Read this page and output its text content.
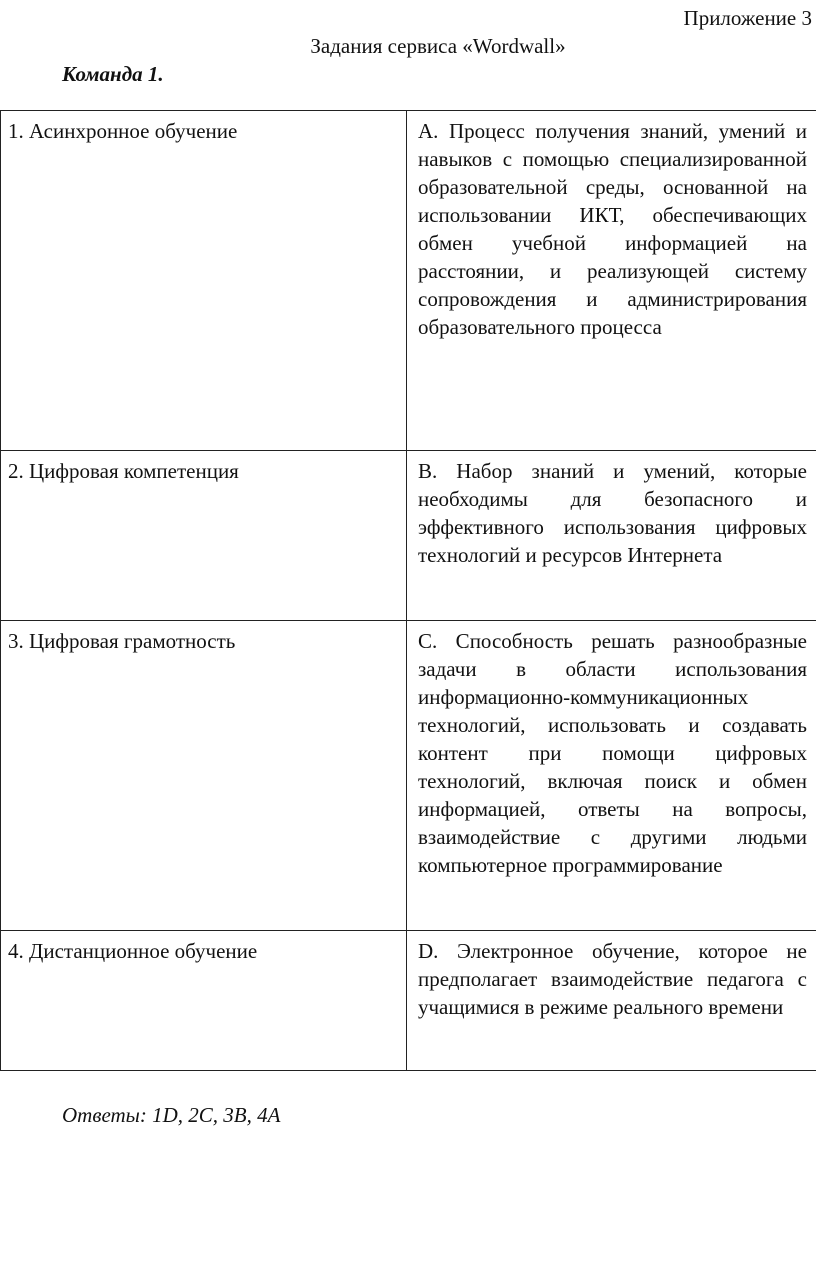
Приложение 3
Задания сервиса «Wordwall»
Команда 1.
1. Асинхронное обучение	А. Процесс получения знаний, умений и навыков с помощью специализированной образовательной среды, основанной на использовании ИКТ, обеспечивающих обмен учебной информацией на расстоянии, и реализующей систему сопровождения и администрирования образовательного процесса
2. Цифровая компетенция	B. Набор знаний и умений, которые необходимы для безопасного и эффективного использования цифровых технологий и ресурсов Интернета
3. Цифровая грамотность	C. Способность решать разнообразные задачи в области использования информационно-коммуникационных технологий, использовать и создавать контент при помощи цифровых технологий, включая поиск и обмен информацией, ответы на вопросы, взаимодействие с другими людьми компьютерное программирование
4. Дистанционное обучение	D. Электронное обучение, которое не предполагает взаимодействие педагога с учащимися в режиме реального времени
Ответы: 1D, 2C, 3B, 4A
